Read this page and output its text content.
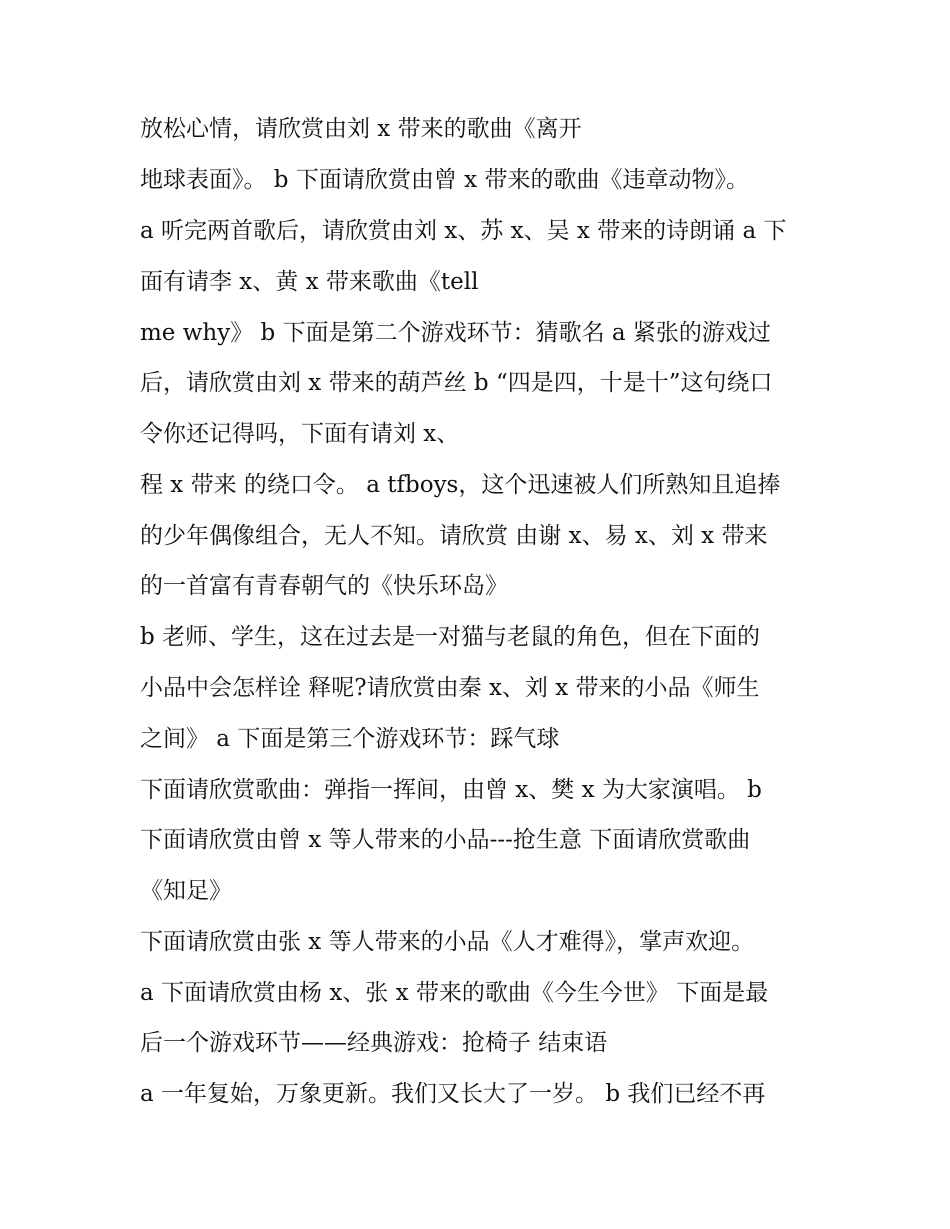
放松心情，请欣赏由刘 x 带来的歌曲《离开
地球表面》。 b 下面请欣赏由曾 x 带来的歌曲《违章动物》。
a 听完两首歌后，请欣赏由刘 x、苏 x、吴 x 带来的诗朗诵 a 下
面有请李 x、黄 x 带来歌曲《tell
me why》 b 下面是第二个游戏环节：猜歌名 a 紧张的游戏过
后，请欣赏由刘 x 带来的葫芦丝 b “四是四，十是十”这句绕口
令你还记得吗，下面有请刘 x、
程 x 带来 的绕口令。 a tfboys，这个迅速被人们所熟知且追捧
的少年偶像组合，无人不知。请欣赏 由谢 x、易 x、刘 x 带来
的一首富有青春朝气的《快乐环岛》
b 老师、学生，这在过去是一对猫与老鼠的角色，但在下面的
小品中会怎样诠 释呢?请欣赏由秦 x、刘 x 带来的小品《师生
之间》 a 下面是第三个游戏环节：踩气球
下面请欣赏歌曲：弹指一挥间，由曾 x、樊 x 为大家演唱。 b
下面请欣赏由曾 x 等人带来的小品---抢生意 下面请欣赏歌曲
《知足》
下面请欣赏由张 x 等人带来的小品《人才难得》，掌声欢迎。
a 下面请欣赏由杨 x、张 x 带来的歌曲《今生今世》 下面是最
后一个游戏环节——经典游戏：抢椅子 结束语
a 一年复始，万象更新。我们又长大了一岁。 b 我们已经不再
